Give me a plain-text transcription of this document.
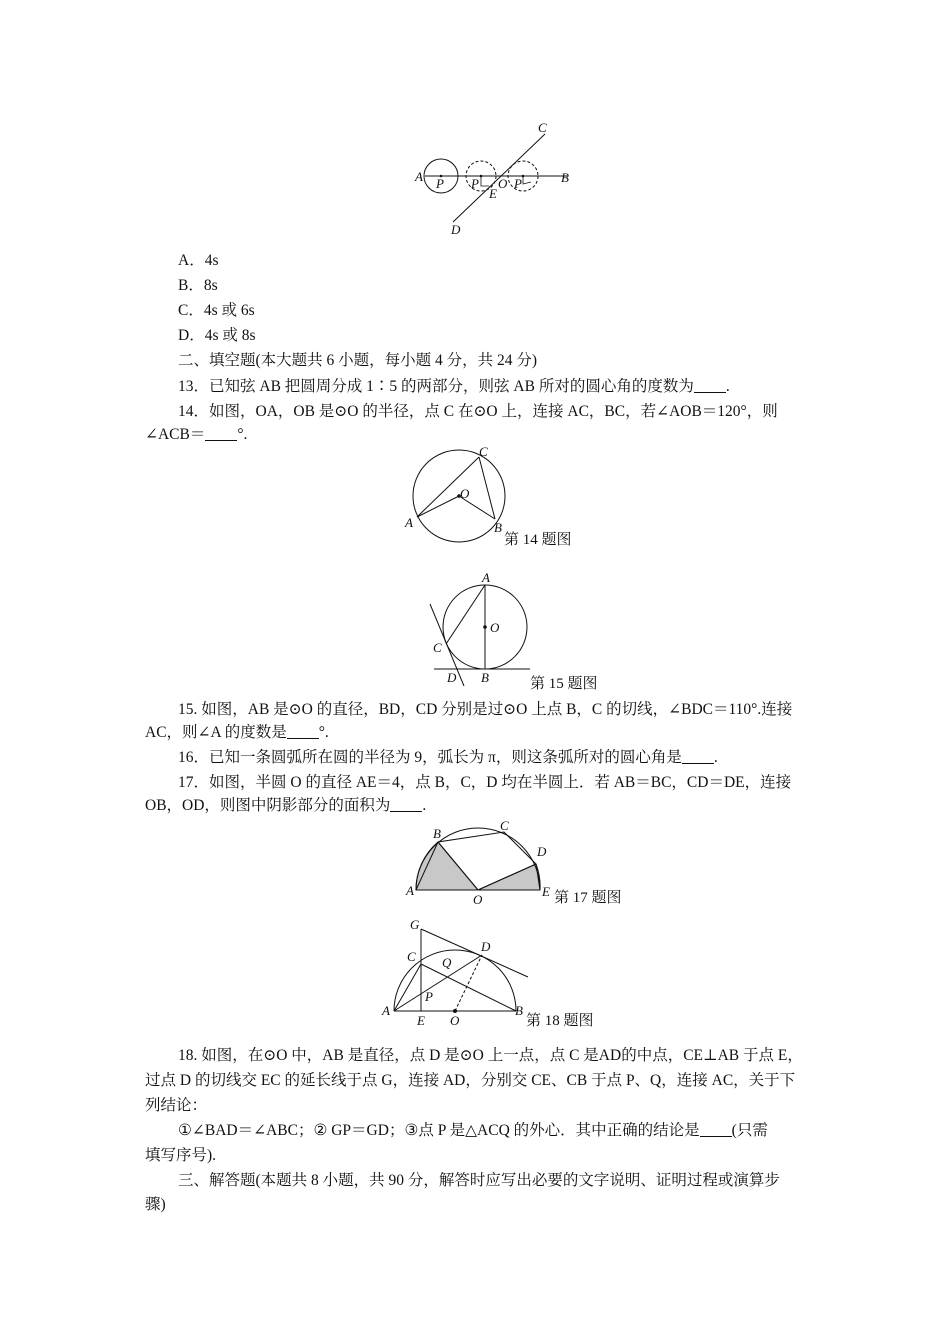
A	B
C
D
E
O
P P	P
A．4s
B．8s
C．4s 或 6s
D．4s 或 8s
二、填空题(本大题共 6 小题，每小题 4 分，共 24 分)
13．已知弦 AB 把圆周分成 1∶5 的两部分，则弦 AB 所对的圆心角的度数为 .
14．如图，OA，OB 是⊙O 的半径，点 C 在⊙O 上，连接 AC，BC，若∠AOB＝120°，则
∠ACB＝ °.
A	B
C
O
第 14 题图
A
B
C
D
O
第 15 题图
15. 如图，AB 是⊙O 的直径，BD，CD 分别是过⊙O 上点 B，C 的切线，∠BDC＝110°.连接
AC，则∠A 的度数是 °.
16．已知一条圆弧所在圆的半径为 9，弧长为 π，则这条弧所对的圆心角是 .
17．如图，半圆 O 的直径 AE＝4，点 B，C，D 均在半圆上．若 AB＝BC，CD＝DE，连接
OB，OD，则图中阴影部分的面积为 .
A
B
C
D
E
O	第 17 题图
A	B
C
D
E
G
O
P
Q
第 18 题图
18. 如图，在⊙O 中，AB 是直径，点 D 是⊙O 上一点，点 C 是AD的中点，CE⊥AB 于点 E，
过点 D 的切线交 EC 的延长线于点 G，连接 AD，分别交 CE、CB 于点 P、Q，连接 AC，关于下
列结论：
①∠BAD＝∠ABC；② GP＝GD；③点 P 是△ACQ 的外心．其中正确的结论是 (只需
填写序号).
三、解答题(本题共 8 小题，共 90 分，解答时应写出必要的文字说明、证明过程或演算步
骤)
